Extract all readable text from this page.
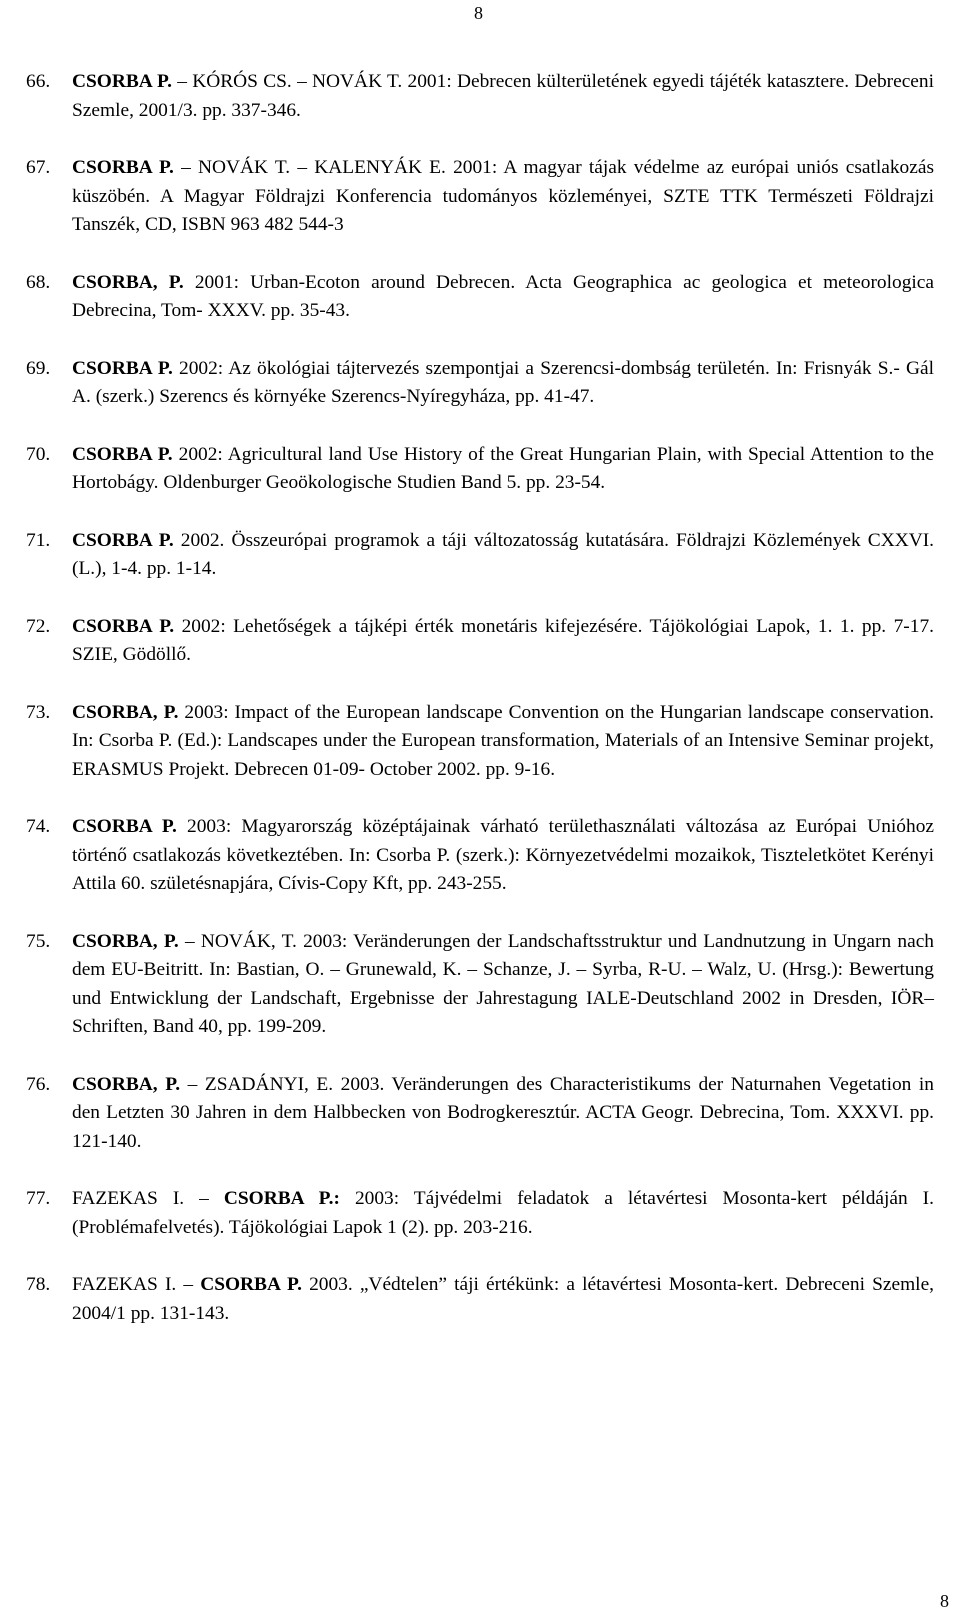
8
66. CSORBA P. – KÓRÓS CS. – NOVÁK T. 2001: Debrecen külterületének egyedi tájéték katasztere. Debreceni Szemle, 2001/3. pp. 337-346.
67. CSORBA P. – NOVÁK T. – KALENYÁK E. 2001: A magyar tájak védelme az európai uniós csatlakozás küszöbén. A Magyar Földrajzi Konferencia tudományos közleményei, SZTE TTK Természeti Földrajzi Tanszék, CD, ISBN 963 482 544-3
68. CSORBA, P. 2001: Urban-Ecoton around Debrecen. Acta Geographica ac geologica et meteorologica Debrecina, Tom- XXXV. pp. 35-43.
69. CSORBA P. 2002: Az ökológiai tájtervezés szempontjai a Szerencsi-dombság területén. In: Frisnyák S.- Gál A. (szerk.) Szerencs és környéke Szerencs-Nyíregyháza, pp. 41-47.
70. CSORBA P. 2002: Agricultural land Use History of the Great Hungarian Plain, with Special Attention to the Hortobágy. Oldenburger Geoökologische Studien Band 5. pp. 23-54.
71. CSORBA P. 2002. Összeurópai programok a táji változatosság kutatására. Földrajzi Közlemények CXXVI. (L.), 1-4. pp. 1-14.
72. CSORBA P. 2002: Lehetőségek a tájképi érték monetáris kifejezésére. Tájökológiai Lapok, 1. 1. pp. 7-17. SZIE, Gödöllő.
73. CSORBA, P. 2003: Impact of the European landscape Convention on the Hungarian landscape conservation. In: Csorba P. (Ed.): Landscapes under the European transformation, Materials of an Intensive Seminar projekt, ERASMUS Projekt. Debrecen 01-09- October 2002. pp. 9-16.
74. CSORBA P. 2003: Magyarország középtájainak várható területhasználati változása az Európai Unióhoz történő csatlakozás következtében. In: Csorba P. (szerk.): Környezetvédelmi mozaikok, Tiszteletkötet Kerényi Attila 60. születésnapjára, Cívis-Copy Kft, pp. 243-255.
75. CSORBA, P. – NOVÁK, T. 2003: Veränderungen der Landschaftsstruktur und Landnutzung in Ungarn nach dem EU-Beitritt. In: Bastian, O. – Grunewald, K. – Schanze, J. – Syrba, R-U. – Walz, U. (Hrsg.): Bewertung und Entwicklung der Landschaft, Ergebnisse der Jahrestagung IALE-Deutschland 2002 in Dresden, IÖR– Schriften, Band 40, pp. 199-209.
76. CSORBA, P. – ZSADÁNYI, E. 2003. Veränderungen des Characteristikums der Naturnahen Vegetation in den Letzten 30 Jahren in dem Halbbecken von Bodrogkeresztúr. ACTA Geogr. Debrecina, Tom. XXXVI. pp. 121-140.
77. FAZEKAS I. – CSORBA P.: 2003: Tájvédelmi feladatok a létavértesi Mosonta-kert példáján I. (Problémafelvetés). Tájökológiai Lapok 1 (2). pp. 203-216.
78. FAZEKAS I. – CSORBA P. 2003. „Védtelen” táji értékünk: a létavértesi Mosonta-kert. Debreceni Szemle, 2004/1 pp. 131-143.
8
